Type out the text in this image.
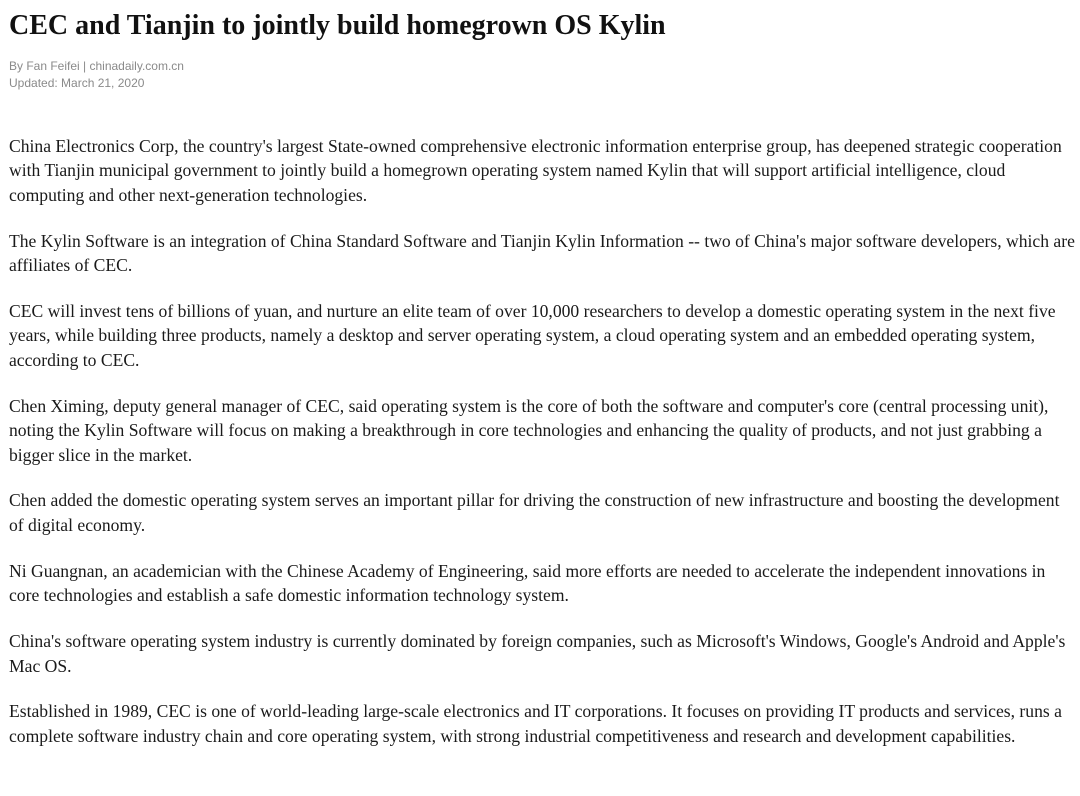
CEC and Tianjin to jointly build homegrown OS Kylin
By Fan Feifei | chinadaily.com.cn
Updated: March 21, 2020

China Electronics Corp, the country's largest State-owned comprehensive electronic information enterprise group, has deepened strategic cooperation with Tianjin municipal government to jointly build a homegrown operating system named Kylin that will support artificial intelligence, cloud computing and other next-generation technologies.

The Kylin Software is an integration of China Standard Software and Tianjin Kylin Information -- two of China's major software developers, which are affiliates of CEC.

CEC will invest tens of billions of yuan, and nurture an elite team of over 10,000 researchers to develop a domestic operating system in the next five years, while building three products, namely a desktop and server operating system, a cloud operating system and an embedded operating system, according to CEC.

Chen Ximing, deputy general manager of CEC, said operating system is the core of both the software and computer's core (central processing unit), noting the Kylin Software will focus on making a breakthrough in core technologies and enhancing the quality of products, and not just grabbing a bigger slice in the market.

Chen added the domestic operating system serves an important pillar for driving the construction of new infrastructure and boosting the development of digital economy.

Ni Guangnan, an academician with the Chinese Academy of Engineering, said more efforts are needed to accelerate the independent innovations in core technologies and establish a safe domestic information technology system.

China's software operating system industry is currently dominated by foreign companies, such as Microsoft's Windows, Google's Android and Apple's Mac OS.

Established in 1989, CEC is one of world-leading large-scale electronics and IT corporations. It focuses on providing IT products and services, runs a complete software industry chain and core operating system, with strong industrial competitiveness and research and development capabilities.
